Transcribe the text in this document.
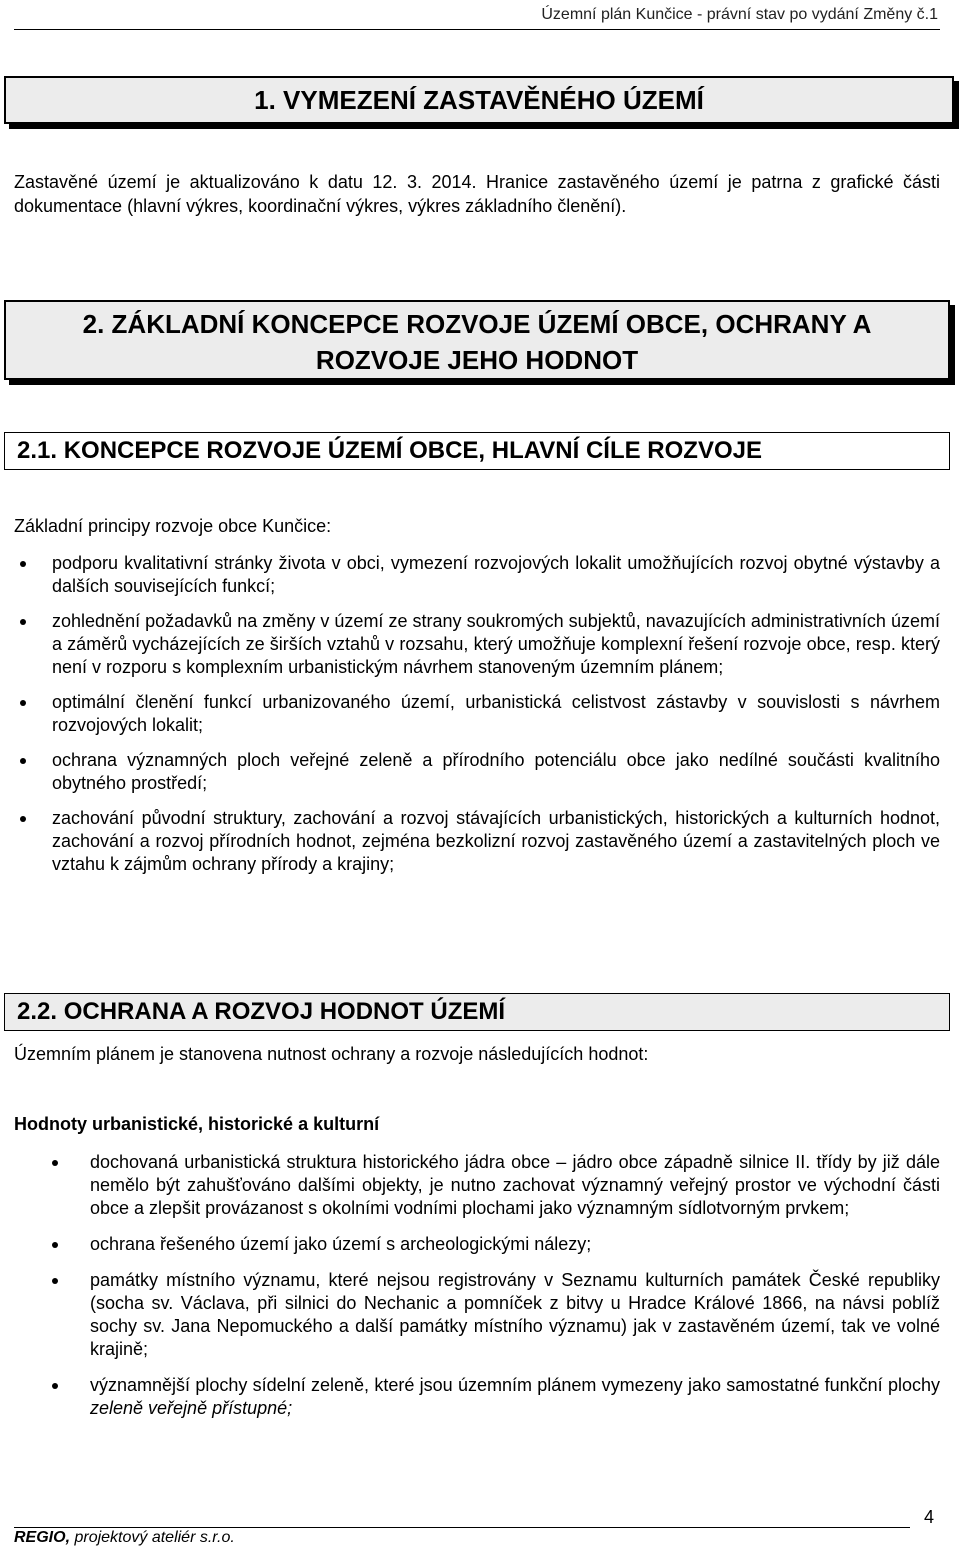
Územní plán Kunčice - právní stav po vydání Změny č.1
1. VYMEZENÍ ZASTAVĚNÉHO ÚZEMÍ
Zastavěné území je aktualizováno k datu 12. 3. 2014. Hranice zastavěného území je patrna z grafické části dokumentace (hlavní výkres, koordinační výkres, výkres základního členění).
2. ZÁKLADNÍ KONCEPCE ROZVOJE ÚZEMÍ OBCE, OCHRANY A
ROZVOJE JEHO HODNOT
2.1. KONCEPCE ROZVOJE ÚZEMÍ OBCE, HLAVNÍ CÍLE ROZVOJE
Základní principy rozvoje obce Kunčice:
podporu kvalitativní stránky života v obci, vymezení rozvojových lokalit umožňujících rozvoj obytné výstavby a dalších souvisejících funkcí;
zohlednění požadavků na změny v území ze strany soukromých subjektů, navazujících administrativních území a záměrů vycházejících ze širších vztahů v rozsahu, který umožňuje komplexní řešení rozvoje obce, resp. který není v rozporu s komplexním urbanistickým návrhem stanoveným územním plánem;
optimální členění funkcí urbanizovaného území, urbanistická celistvost zástavby v souvislosti s návrhem rozvojových lokalit;
ochrana významných ploch veřejné zeleně a přírodního potenciálu obce jako nedílné součásti kvalitního obytného prostředí;
zachování původní struktury, zachování a rozvoj stávajících urbanistických, historických a kulturních hodnot, zachování a rozvoj přírodních hodnot, zejména bezkolizní rozvoj zastavěného území a zastavitelných ploch ve vztahu k zájmům ochrany přírody a krajiny;
2.2. OCHRANA A ROZVOJ HODNOT ÚZEMÍ
Územním plánem je stanovena nutnost ochrany a rozvoje následujících hodnot:
Hodnoty urbanistické, historické a kulturní
dochovaná urbanistická struktura historického jádra obce – jádro obce západně silnice II. třídy by již dále nemělo být zahušťováno dalšími objekty, je nutno zachovat významný veřejný prostor ve východní části obce a zlepšit provázanost s okolními vodními plochami jako významným sídlotvorným prvkem;
ochrana řešeného území jako území s archeologickými nálezy;
památky místního významu, které nejsou registrovány v Seznamu kulturních památek České republiky (socha sv. Václava, při silnici do Nechanic a pomníček z bitvy u Hradce Králové 1866, na návsi poblíž sochy sv. Jana Nepomuckého a další památky místního významu) jak v zastavěném území, tak ve volné krajině;
významnější plochy sídelní zeleně, které jsou územním plánem vymezeny jako samostatné funkční plochy zeleně veřejně přístupné;
4
REGIO, projektový ateliér s.r.o.
